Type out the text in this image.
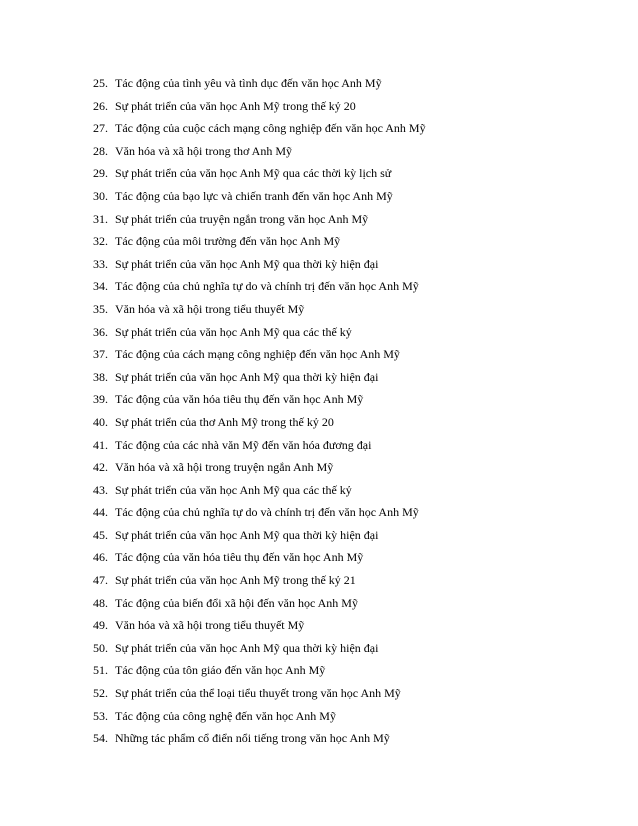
25. Tác động của tình yêu và tình dục đến văn học Anh Mỹ
26. Sự phát triển của văn học Anh Mỹ trong thế kỷ 20
27. Tác động của cuộc cách mạng công nghiệp đến văn học Anh Mỹ
28. Văn hóa và xã hội trong thơ Anh Mỹ
29. Sự phát triển của văn học Anh Mỹ qua các thời kỳ lịch sử
30. Tác động của bạo lực và chiến tranh đến văn học Anh Mỹ
31. Sự phát triển của truyện ngắn trong văn học Anh Mỹ
32. Tác động của môi trường đến văn học Anh Mỹ
33. Sự phát triển của văn học Anh Mỹ qua thời kỳ hiện đại
34. Tác động của chủ nghĩa tự do và chính trị đến văn học Anh Mỹ
35. Văn hóa và xã hội trong tiểu thuyết Mỹ
36. Sự phát triển của văn học Anh Mỹ qua các thế kỷ
37. Tác động của cách mạng công nghiệp đến văn học Anh Mỹ
38. Sự phát triển của văn học Anh Mỹ qua thời kỳ hiện đại
39. Tác động của văn hóa tiêu thụ đến văn học Anh Mỹ
40. Sự phát triển của thơ Anh Mỹ trong thế kỷ 20
41. Tác động của các nhà văn Mỹ đến văn hóa đương đại
42. Văn hóa và xã hội trong truyện ngắn Anh Mỹ
43. Sự phát triển của văn học Anh Mỹ qua các thế kỷ
44. Tác động của chủ nghĩa tự do và chính trị đến văn học Anh Mỹ
45. Sự phát triển của văn học Anh Mỹ qua thời kỳ hiện đại
46. Tác động của văn hóa tiêu thụ đến văn học Anh Mỹ
47. Sự phát triển của văn học Anh Mỹ trong thế kỷ 21
48. Tác động của biến đổi xã hội đến văn học Anh Mỹ
49. Văn hóa và xã hội trong tiểu thuyết Mỹ
50. Sự phát triển của văn học Anh Mỹ qua thời kỳ hiện đại
51. Tác động của tôn giáo đến văn học Anh Mỹ
52. Sự phát triển của thể loại tiểu thuyết trong văn học Anh Mỹ
53. Tác động của công nghệ đến văn học Anh Mỹ
54. Những tác phẩm cổ điển nổi tiếng trong văn học Anh Mỹ
